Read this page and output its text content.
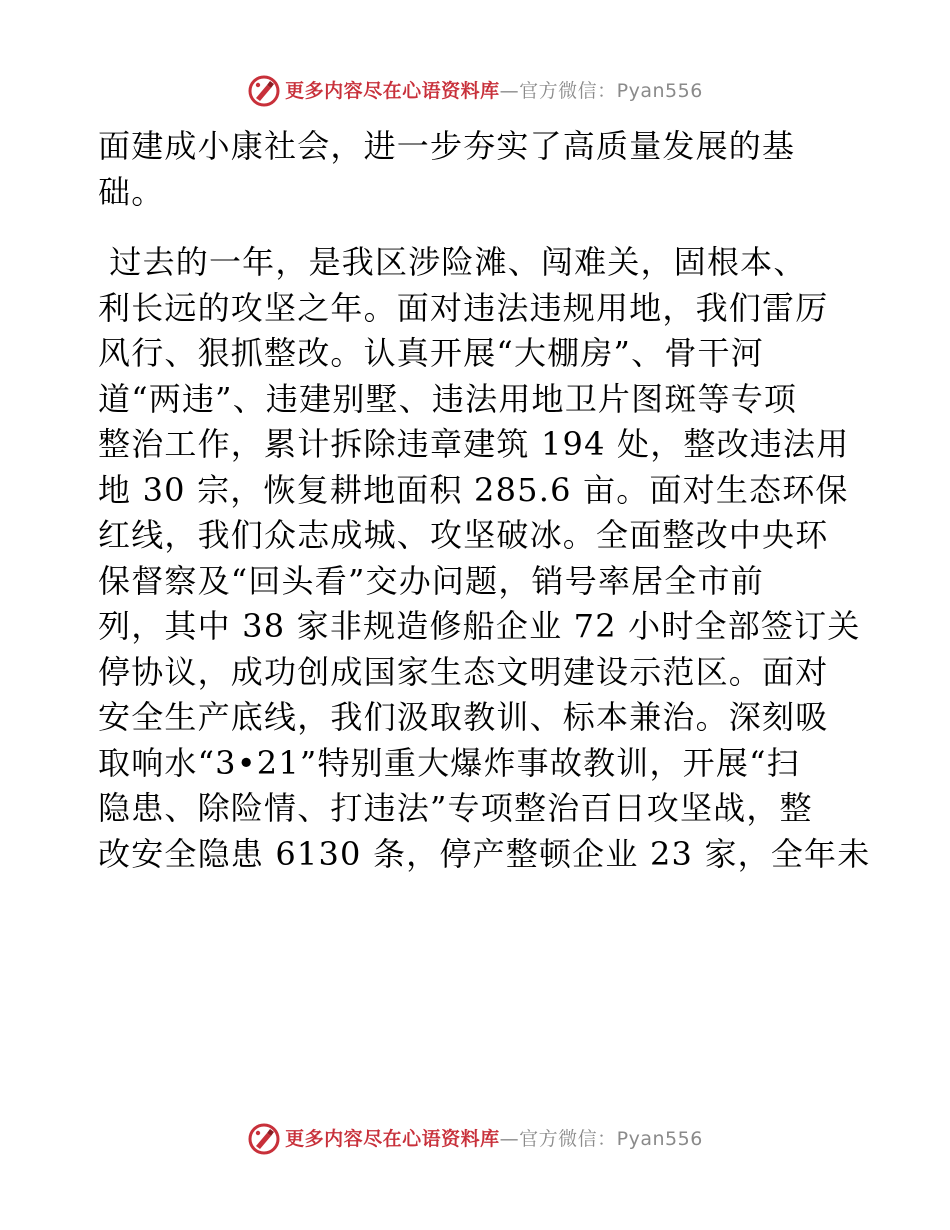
更多内容尽在心语资料库—官方微信：Pyan556
面建成小康社会，进一步夯实了高质量发展的基
础。
过去的一年，是我区涉险滩、闯难关，固根本、
利长远的攻坚之年。面对违法违规用地，我们雷厉
风行、狠抓整改。认真开展“大棚房”、骨干河
道“两违”、违建别墅、违法用地卫片图斑等专项
整治工作，累计拆除违章建筑 194 处，整改违法用
地 30 宗，恢复耕地面积 285.6 亩。面对生态环保
红线，我们众志成城、攻坚破冰。全面整改中央环
保督察及“回头看”交办问题，销号率居全市前
列，其中 38 家非规造修船企业 72 小时全部签订关
停协议，成功创成国家生态文明建设示范区。面对
安全生产底线，我们汲取教训、标本兼治。深刻吸
取响水“3•21”特别重大爆炸事故教训，开展“扫
隐患、除险情、打违法”专项整治百日攻坚战，整
改安全隐患 6130 条，停产整顿企业 23 家，全年未
更多内容尽在心语资料库—官方微信：Pyan556
